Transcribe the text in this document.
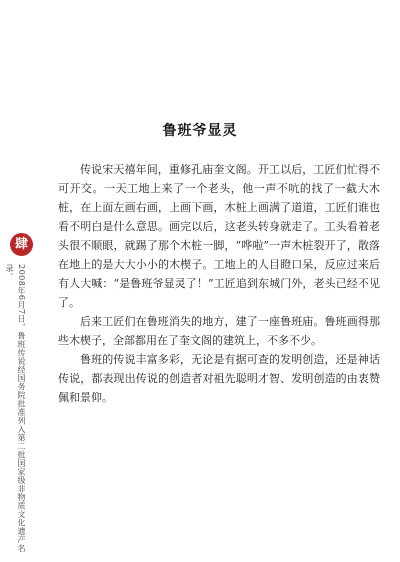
鲁班爷显灵
肆
2008年6月7日，鲁班传说经国务院批准列入第二批国家级非物质文化遗产名录。

传说宋天禧年间，重修孔庙奎文阁。开工以后，工匠们忙得不可开交。一天工地上来了一个老头，他一声不吭的找了一截大木桩，在上面左画右画，上画下画，木桩上画满了道道，工匠们谁也看不明白是什么意思。画完以后，这老头转身就走了。工头看着老头很不顺眼，就踢了那个木桩一脚，“哗啦”一声木桩裂开了，散落在地上的是大大小小的木楔子。工地上的人目瞪口呆，反应过来后有人大喊：“是鲁班爷显灵了！”工匠追到东城门外，老头已经不见了。

后来工匠们在鲁班消失的地方，建了一座鲁班庙。鲁班画得那些木楔子，全部都用在了奎文阁的建筑上，不多不少。

鲁班的传说丰富多彩，无论是有据可查的发明创造，还是神话传说，都表现出传说的创造者对祖先聪明才智、发明创造的由衷赞佩和景仰。
